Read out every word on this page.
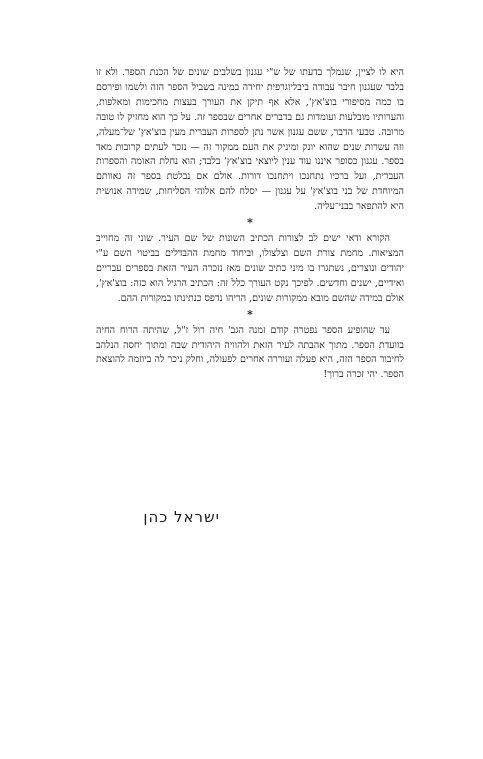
היא לו לציין, שנמלך בדעתו של ש"י עגנון בשלבים שונים של הכנת הספר. ולא זו בלבד שעגנון חיבר עבודה ביבליוגרפית יחידה במינה בשביל הספר הזה ולשמו ופירסם בו כמה מסיפורי בוצ'אץ', אלא אף תיקן את העורך בעצות מחכימות ומאלפות, והערותיו מובלעות ועומדות גם בדברים אחרים שבספר זה. על כך הוא מחזיק לו טובה מרובה. טבעי הדבר, ששם עגנון אשר נתן לספרות העברית מעין בוצ'אץ' של־מעלה, וזה עשרות שנים שהוא יונק ומיניק את העם ממקור זה — נזכר לעתים קרובות מאד בספר. עגנון כסופר איננו עוד ענין ליוצאי בוצ'אץ' בלבד; הוא נחלת האומה והספרות העברית, ועל ברכיו נתחנכו ויתחנכו דורות. אולם אם נבלטת בספר זה גאוותם המיוחדת של בני בוצ'אץ' על עגנון — יסלח להם אלוהי הסליחות, שמידה אנושית היא להתפאר בבני־עליה.

*

הקורא ודאי ישים לב לצורות הכתיב השונות של שם העיר. שוני זה מחוייב המציאות. מחמת צורת השם וצלצולו, וביחוד מחמת ההבדלים בביטוי השם ע"י יהודים ונוצרים, נשתגרו בו מיני כתיב שונים מאז נזכרה העיר הזאת בספרים עבריים ואידיים, ישנים וחדשים. לפיכך נקט העורך כלל זה: הכתיב הרגיל הוא כזה: בוצ'אץ', אולם במידה שהשם מובא ממקורות שונים, הריהו נדפס כנתינתו במקורות ההם.

*

עד שהופיע הספר נפטרה קודם זמנה הגב' חיה רול ז"ל, שהיתה הרוח החיה בוועדת הספר. מתוך אהבתה לעיר הזאת ולהוויה היהודית שבה ומתוך יחסה הנלהב לחיבור הספר הזה, היא פעלה ועוררה אחרים לפעולה, וחלק ניכר לה ביוזמה להוצאת הספר. יהי זכרה ברוך!

ישראל כהן
